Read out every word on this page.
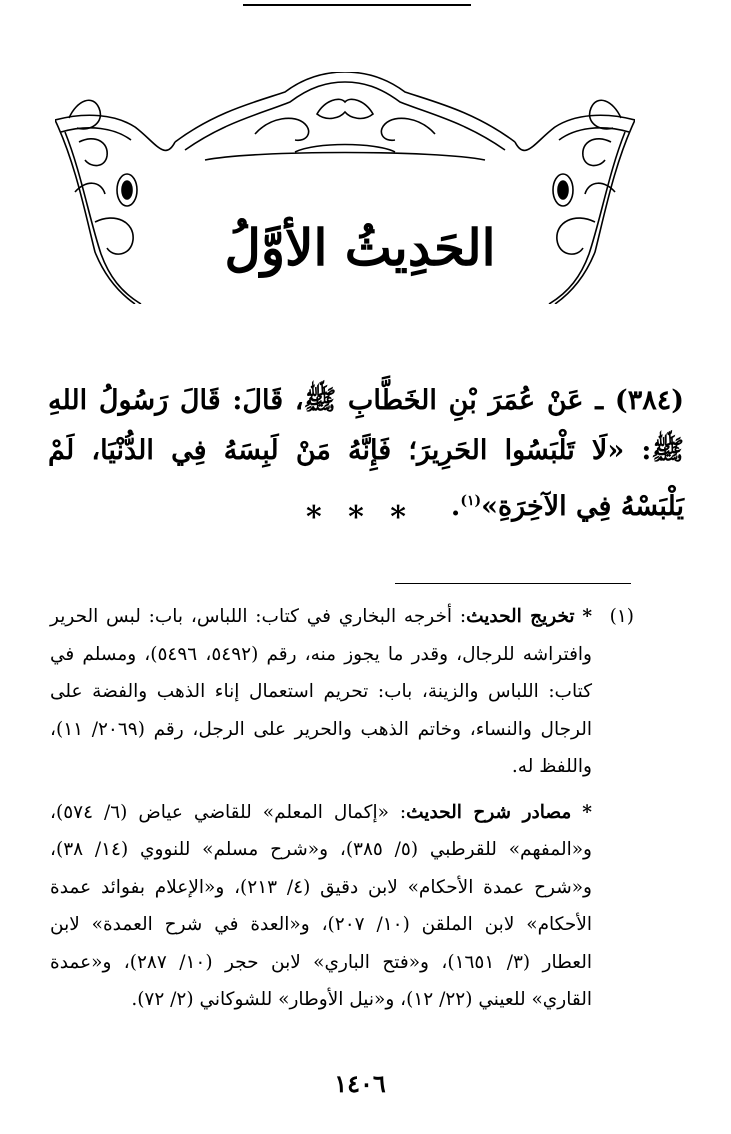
الحَدِيثُ الأوَّلُ
(٣٨٤) ـ عَنْ عُمَرَ بْنِ الخَطَّابِ ﷺ، قَالَ: قَالَ رَسُولُ اللهِ ﷺ: «لَا تَلْبَسُوا الحَرِيرَ؛ فَإِنَّهُ مَنْ لَبِسَهُ فِي الدُّنْيَا، لَمْ يَلْبَسْهُ فِي الآخِرَةِ»$^{(١)}$.
* * *
(١)
* تخريج الحديث: أخرجه البخاري في كتاب: اللباس، باب: لبس الحرير وافتراشه للرجال، وقدر ما يجوز منه، رقم (٥٤٩٢، ٥٤٩٦)، ومسلم في كتاب: اللباس والزينة، باب: تحريم استعمال إناء الذهب والفضة على الرجال والنساء، وخاتم الذهب والحرير على الرجل، رقم (٢٠٦٩/ ١١)، واللفظ له.
* مصادر شرح الحديث: «إكمال المعلم» للقاضي عياض (٦/ ٥٧٤)، و«المفهم» للقرطبي (٥/ ٣٨٥)، و«شرح مسلم» للنووي (١٤/ ٣٨)، و«شرح عمدة الأحكام» لابن دقيق (٤/ ٢١٣)، و«الإعلام بفوائد عمدة الأحكام» لابن الملقن (١٠/ ٢٠٧)، و«العدة في شرح العمدة» لابن العطار (٣/ ١٦٥١)، و«فتح الباري» لابن حجر (١٠/ ٢٨٧)، و«عمدة القاري» للعيني (٢٢/ ١٢)، و«نيل الأوطار» للشوكاني (٢/ ٧٢).
١٤٠٦
